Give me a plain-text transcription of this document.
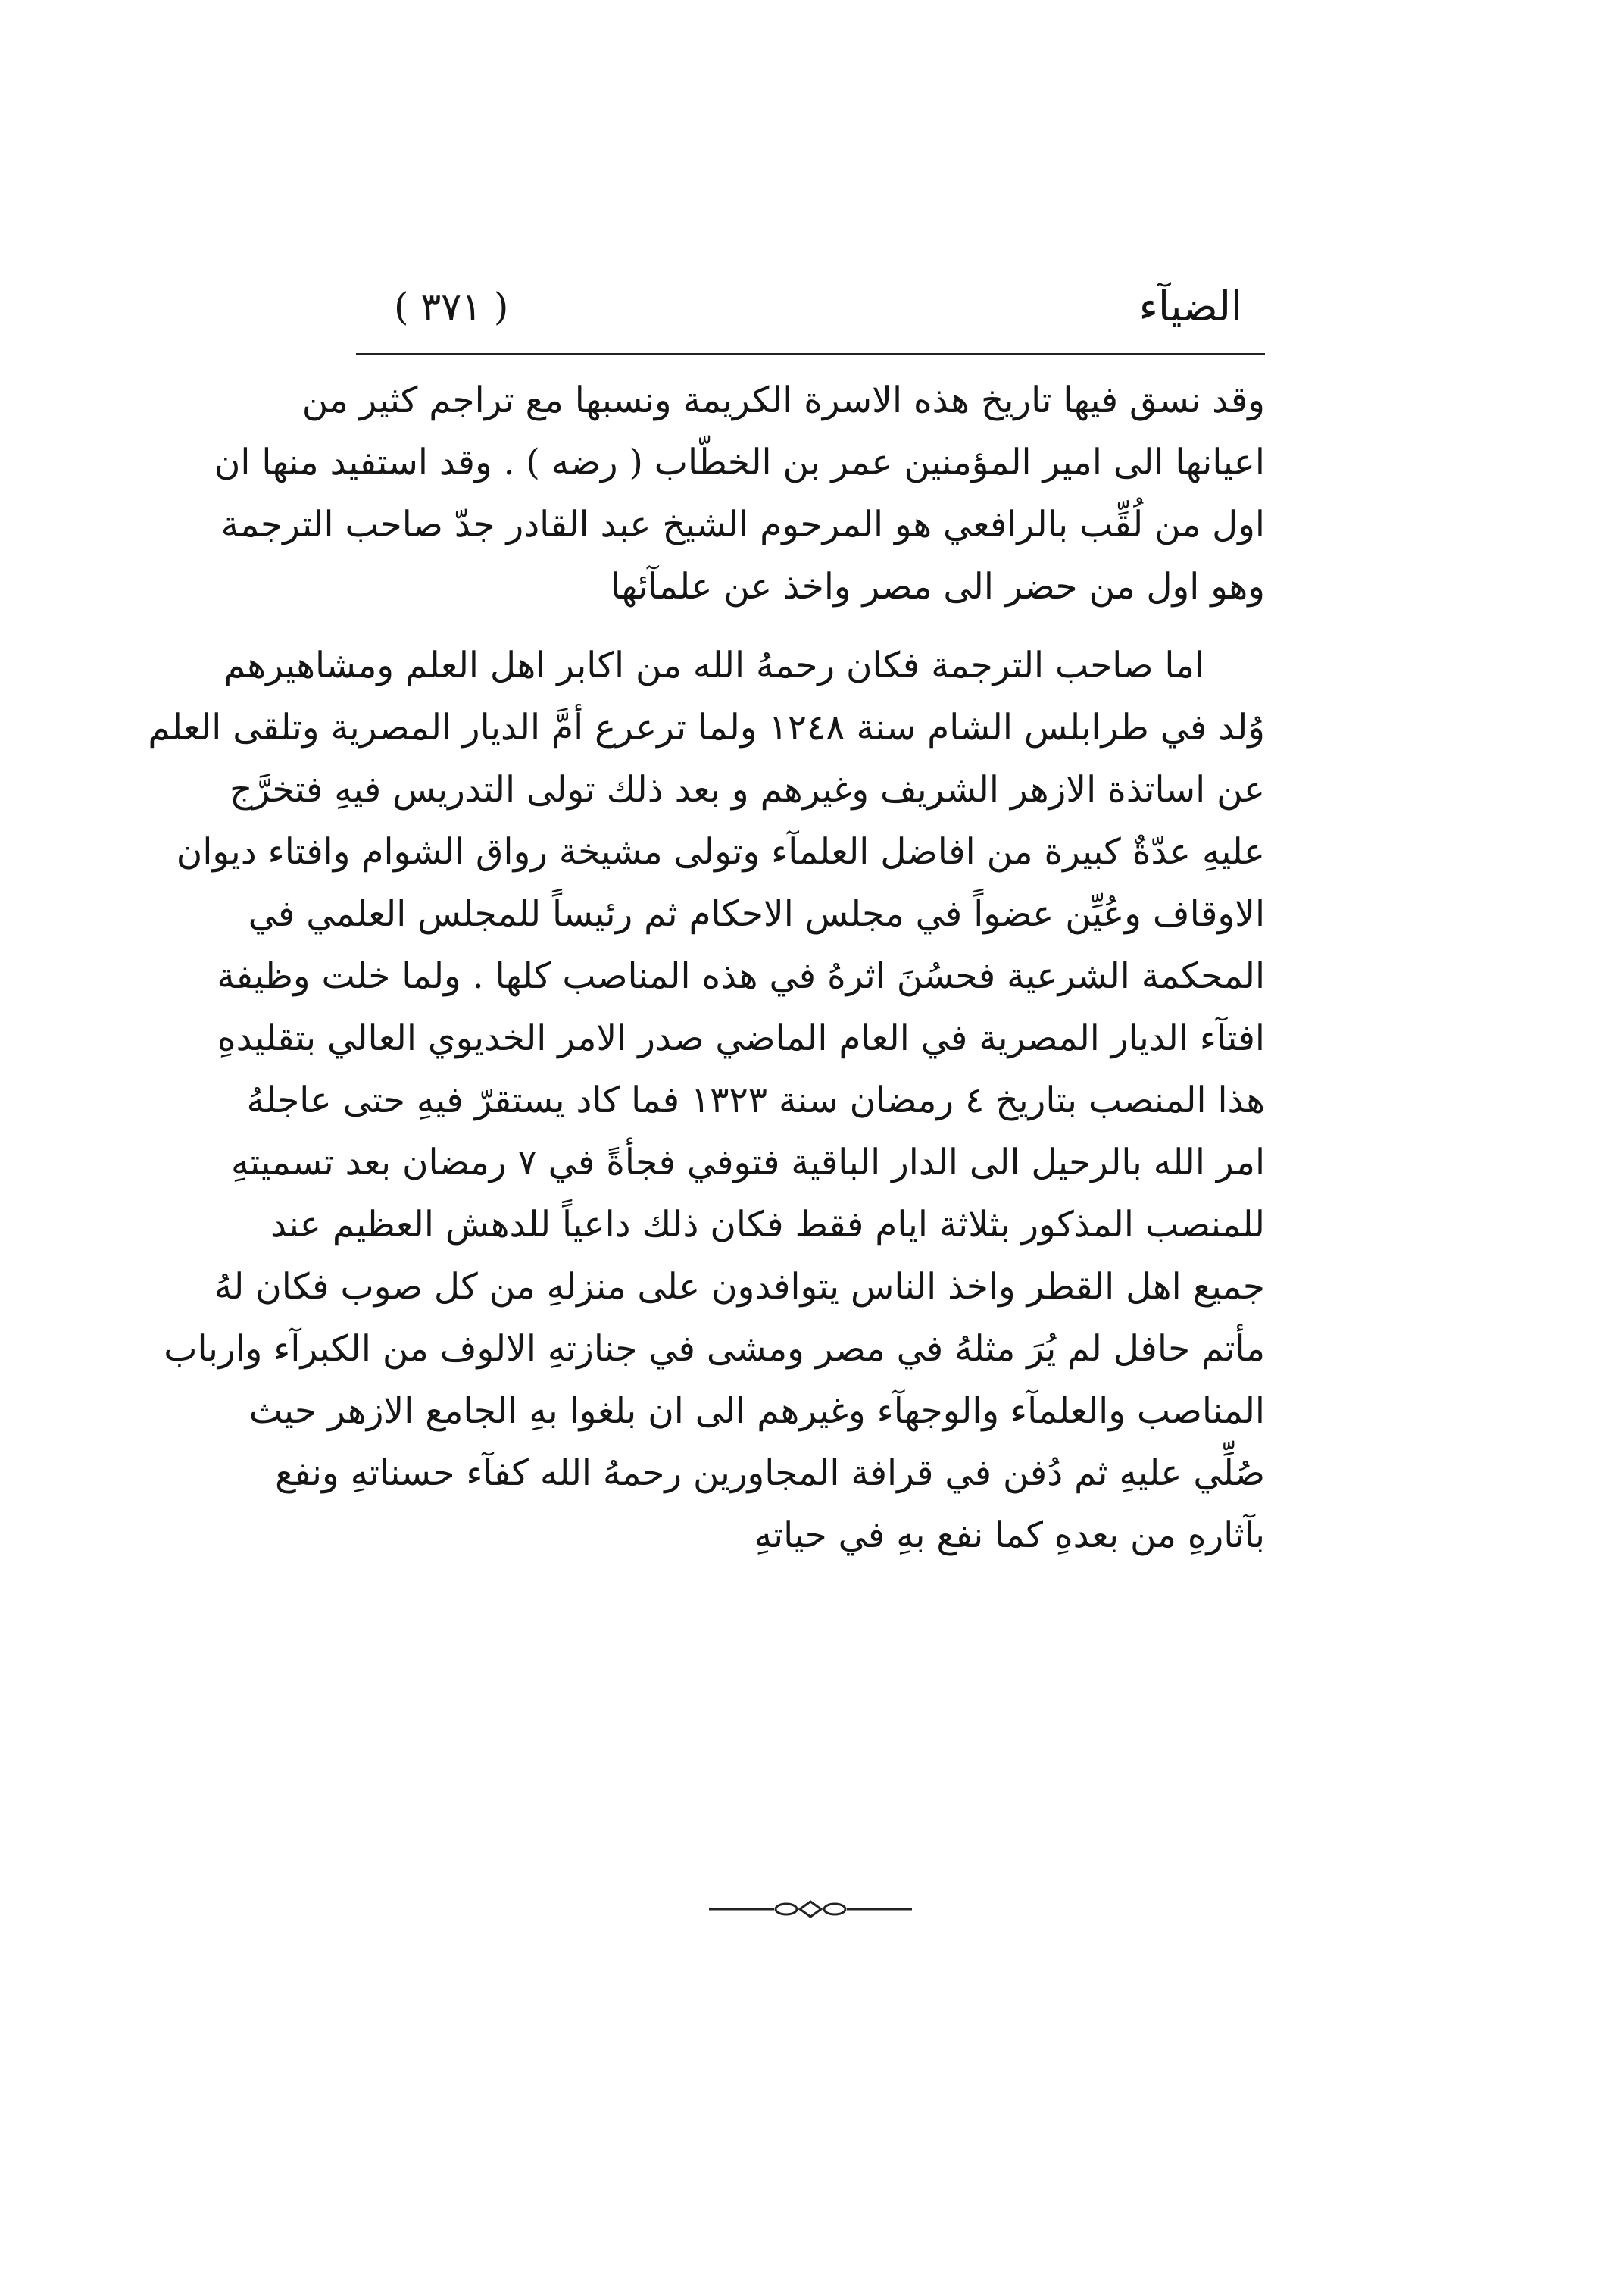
الضيآء
( ٣٧١ )
وقد نسق فيها تاريخ هذه الاسرة الكريمة ونسبها مع تراجم كثير من
اعيانها الى امير المؤمنين عمر بن الخطّاب ( رضه ) . وقد استفيد منها ان
اول من لُقِّب بالرافعي هو المرحوم الشيخ عبد القادر جدّ صاحب الترجمة
وهو اول من حضر الى مصر واخذ عن علمآئها
اما صاحب الترجمة فكان رحمهُ الله من اكابر اهل العلم ومشاهيرهم
وُلد في طرابلس الشام سنة ١٢٤٨ ولما ترعرع أمَّ الديار المصرية وتلقى العلم
عن اساتذة الازهر الشريف وغيرهم و بعد ذلك تولى التدريس فيهِ فتخرَّج
عليهِ عدّةٌ كبيرة من افاضل العلمآء وتولى مشيخة رواق الشوام وافتاء ديوان
الاوقاف وعُيِّن عضواً في مجلس الاحكام ثم رئيساً للمجلس العلمي في
المحكمة الشرعية فحسُنَ اثرهُ في هذه المناصب كلها . ولما خلت وظيفة
افتآء الديار المصرية في العام الماضي صدر الامر الخديوي العالي بتقليدهِ
هذا المنصب بتاريخ ٤ رمضان سنة ١٣٢٣ فما كاد يستقرّ فيهِ حتى عاجلهُ
امر الله بالرحيل الى الدار الباقية فتوفي فجأةً في ٧ رمضان بعد تسميتهِ
للمنصب المذكور بثلاثة ايام فقط فكان ذلك داعياً للدهش العظيم عند
جميع اهل القطر واخذ الناس يتوافدون على منزلهِ من كل صوب فكان لهُ
مأتم حافل لم يُرَ مثلهُ في مصر ومشى في جنازتهِ الالوف من الكبرآء وارباب
المناصب والعلمآء والوجهآء وغيرهم الى ان بلغوا بهِ الجامع الازهر حيث
صُلِّي عليهِ ثم دُفن في قرافة المجاورين رحمهُ الله كفآء حسناتهِ ونفع
بآثارهِ من بعدهِ كما نفع بهِ في حياتهِ
